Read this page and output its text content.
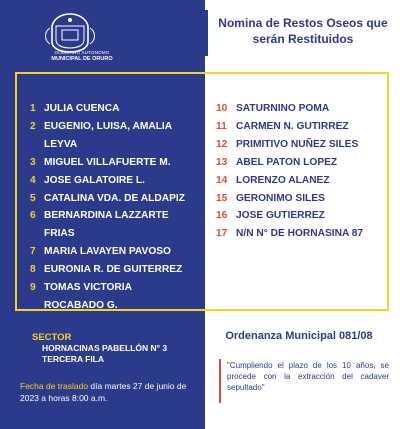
GOBIERNO AUTONOMO
MUNICIPAL DE ORURO
Nomina de Restos Oseos que serán Restituidos
1 JULIA CUENCA
2 EUGENIO, LUISA, AMALIA
LEYVA
3 MIGUEL VILLAFUERTE M.
4 JOSE GALATOIRE L.
5 CATALINA VDA. DE ALDAPIZ
6 BERNARDINA LAZZARTE FRIAS
7 MARIA LAVAYEN PAVOSO
8 EURONIA R. DE GUITERREZ
9 TOMAS VICTORIA
ROCABADO G.
10 SATURNINO POMA
11 CARMEN N. GUTIRREZ
12 PRIMITIVO NUÑEZ SILES
13 ABEL PATON LOPEZ
14 LORENZO ALANEZ
15 GERONIMO SILES
16 JOSE GUTIERREZ
17 N/N N° DE HORNASINA 87
SECTOR
HORNACINAS PABELLÓN N° 3
TERCERA FILA
Fecha de traslado día martes 27 de junio de 2023 a horas 8:00 a.m.
Ordenanza Municipal 081/08
"Cumpliendo el plazo de los 10 años, se procede con la extracción del cadaver sepultado"
